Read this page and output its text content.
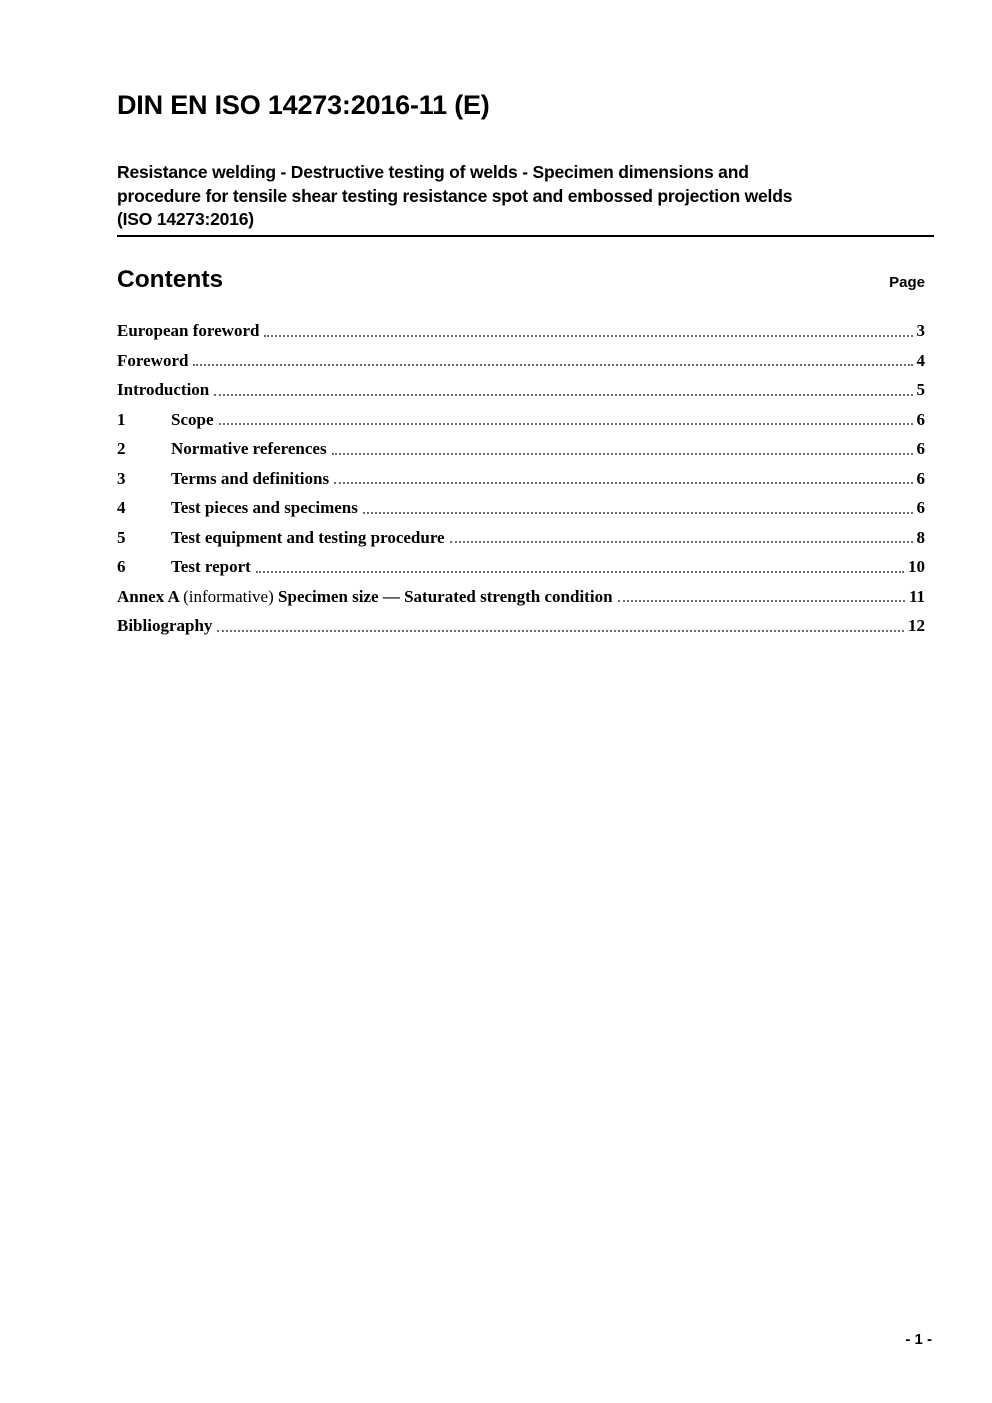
DIN EN ISO 14273:2016-11 (E)
Resistance welding - Destructive testing of welds - Specimen dimensions and
procedure for tensile shear testing resistance spot and embossed projection welds
(ISO 14273:2016)
Contents	Page
European foreword	3
Foreword	4
Introduction	5
1	Scope	6
2	Normative references	6
3	Terms and definitions	6
4	Test pieces and specimens	6
5	Test equipment and testing procedure	8
6	Test report	10
Annex A (informative) Specimen size — Saturated strength condition	11
Bibliography	12
- 1 -
